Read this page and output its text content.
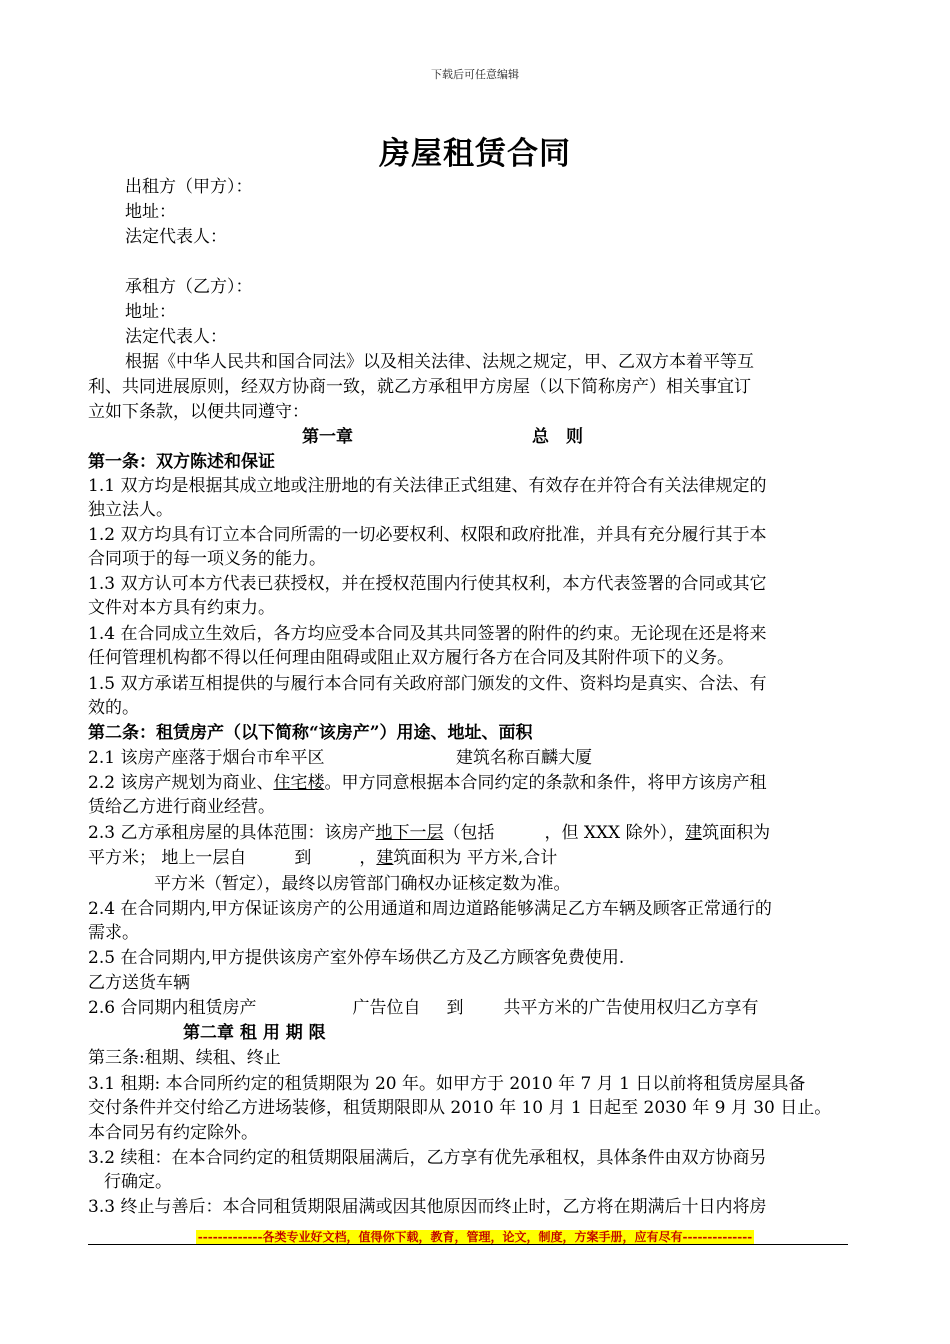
下载后可任意编辑
房屋租赁合同
出租方（甲方）：
地址：
法定代表人：
承租方（乙方）：
地址：
法定代表人：
根据《中华人民共和国合同法》以及相关法律、法规之规定，甲、乙双方本着平等互
利、共同进展原则，经双方协商一致，就乙方承租甲方房屋（以下简称房产）相关事宜订
立如下条款，以便共同遵守：
第一章	总　则
第一条：双方陈述和保证
1.1 双方均是根据其成立地或注册地的有关法律正式组建、有效存在并符合有关法律规定的
独立法人。
1.2 双方均具有订立本合同所需的一切必要权利、权限和政府批准，并具有充分履行其于本
合同项于的每一项义务的能力。
1.3 双方认可本方代表已获授权，并在授权范围内行使其权利，本方代表签署的合同或其它
文件对本方具有约束力。
1.4 在合同成立生效后，各方均应受本合同及其共同签署的附件的约束。无论现在还是将来
任何管理机构都不得以任何理由阻碍或阻止双方履行各方在合同及其附件项下的义务。
1.5 双方承诺互相提供的与履行本合同有关政府部门颁发的文件、资料均是真实、合法、有
效的。
第二条：租赁房产（以下简称“该房产”）用途、地址、面积
2.1 该房产座落于烟台市牟平区	建筑名称百麟大厦
2.2 该房产规划为商业、住宅楼。甲方同意根据本合同约定的条款和条件，将甲方该房产租
赁给乙方进行商业经营。
2.3 乙方承租房屋的具体范围：该房产地下一层（包括	，但 XXX 除外），建筑面积为
平方米； 地上一层自	到	，建筑面积为 平方米,合计
平方米（暂定），最终以房管部门确权办证核定数为准。
2.4 在合同期内,甲方保证该房产的公用通道和周边道路能够满足乙方车辆及顾客正常通行的
需求。
2.5 在合同期内,甲方提供该房产室外停车场供乙方及乙方顾客免费使用.
乙方送货车辆
2.6 合同期内租赁房产	广告位自 到 共平方米的广告使用权归乙方享有
第二章 租 用 期 限
第三条:租期、续租、终止
3.1 租期: 本合同所约定的租赁期限为 20 年。如甲方于 2010 年 7 月 1 日以前将租赁房屋具备
交付条件并交付给乙方进场装修，租赁期限即从 2010 年 10 月 1 日起至 2030 年 9 月 30 日止。
本合同另有约定除外。
3.2 续租：在本合同约定的租赁期限届满后，乙方享有优先承租权，具体条件由双方协商另
行确定。
3.3 终止与善后：本合同租赁期限届满或因其他原因而终止时，乙方将在期满后十日内将房
-------------各类专业好文档，值得你下载，教育，管理，论文，制度，方案手册，应有尽有--------------
